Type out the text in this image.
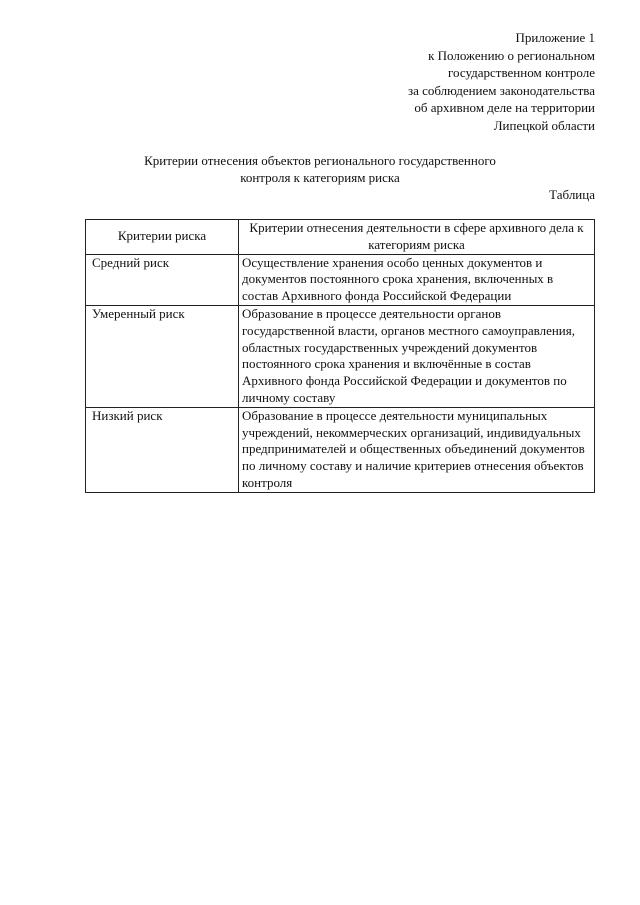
Приложение 1
к Положению о региональном
государственном контроле
за соблюдением законодательства
об архивном деле на территории
Липецкой области
Критерии отнесения объектов регионального государственного
контроля к категориям риска
Таблица
Критерии риска	Критерии отнесения деятельности в сфере архивного дела к категориям риска
Средний риск	Осуществление хранения особо ценных документов и документов постоянного срока хранения, включенных в состав Архивного фонда Российской Федерации
Умеренный риск	Образование в процессе деятельности органов государственной власти, органов местного самоуправления, областных государственных учреждений документов постоянного срока хранения и включённые в состав Архивного фонда Российской Федерации и документов по личному составу
Низкий риск	Образование в процессе деятельности муниципальных учреждений, некоммерческих организаций, индивидуальных предпринимателей и общественных объединений документов по личному составу и наличие критериев отнесения объектов контроля
